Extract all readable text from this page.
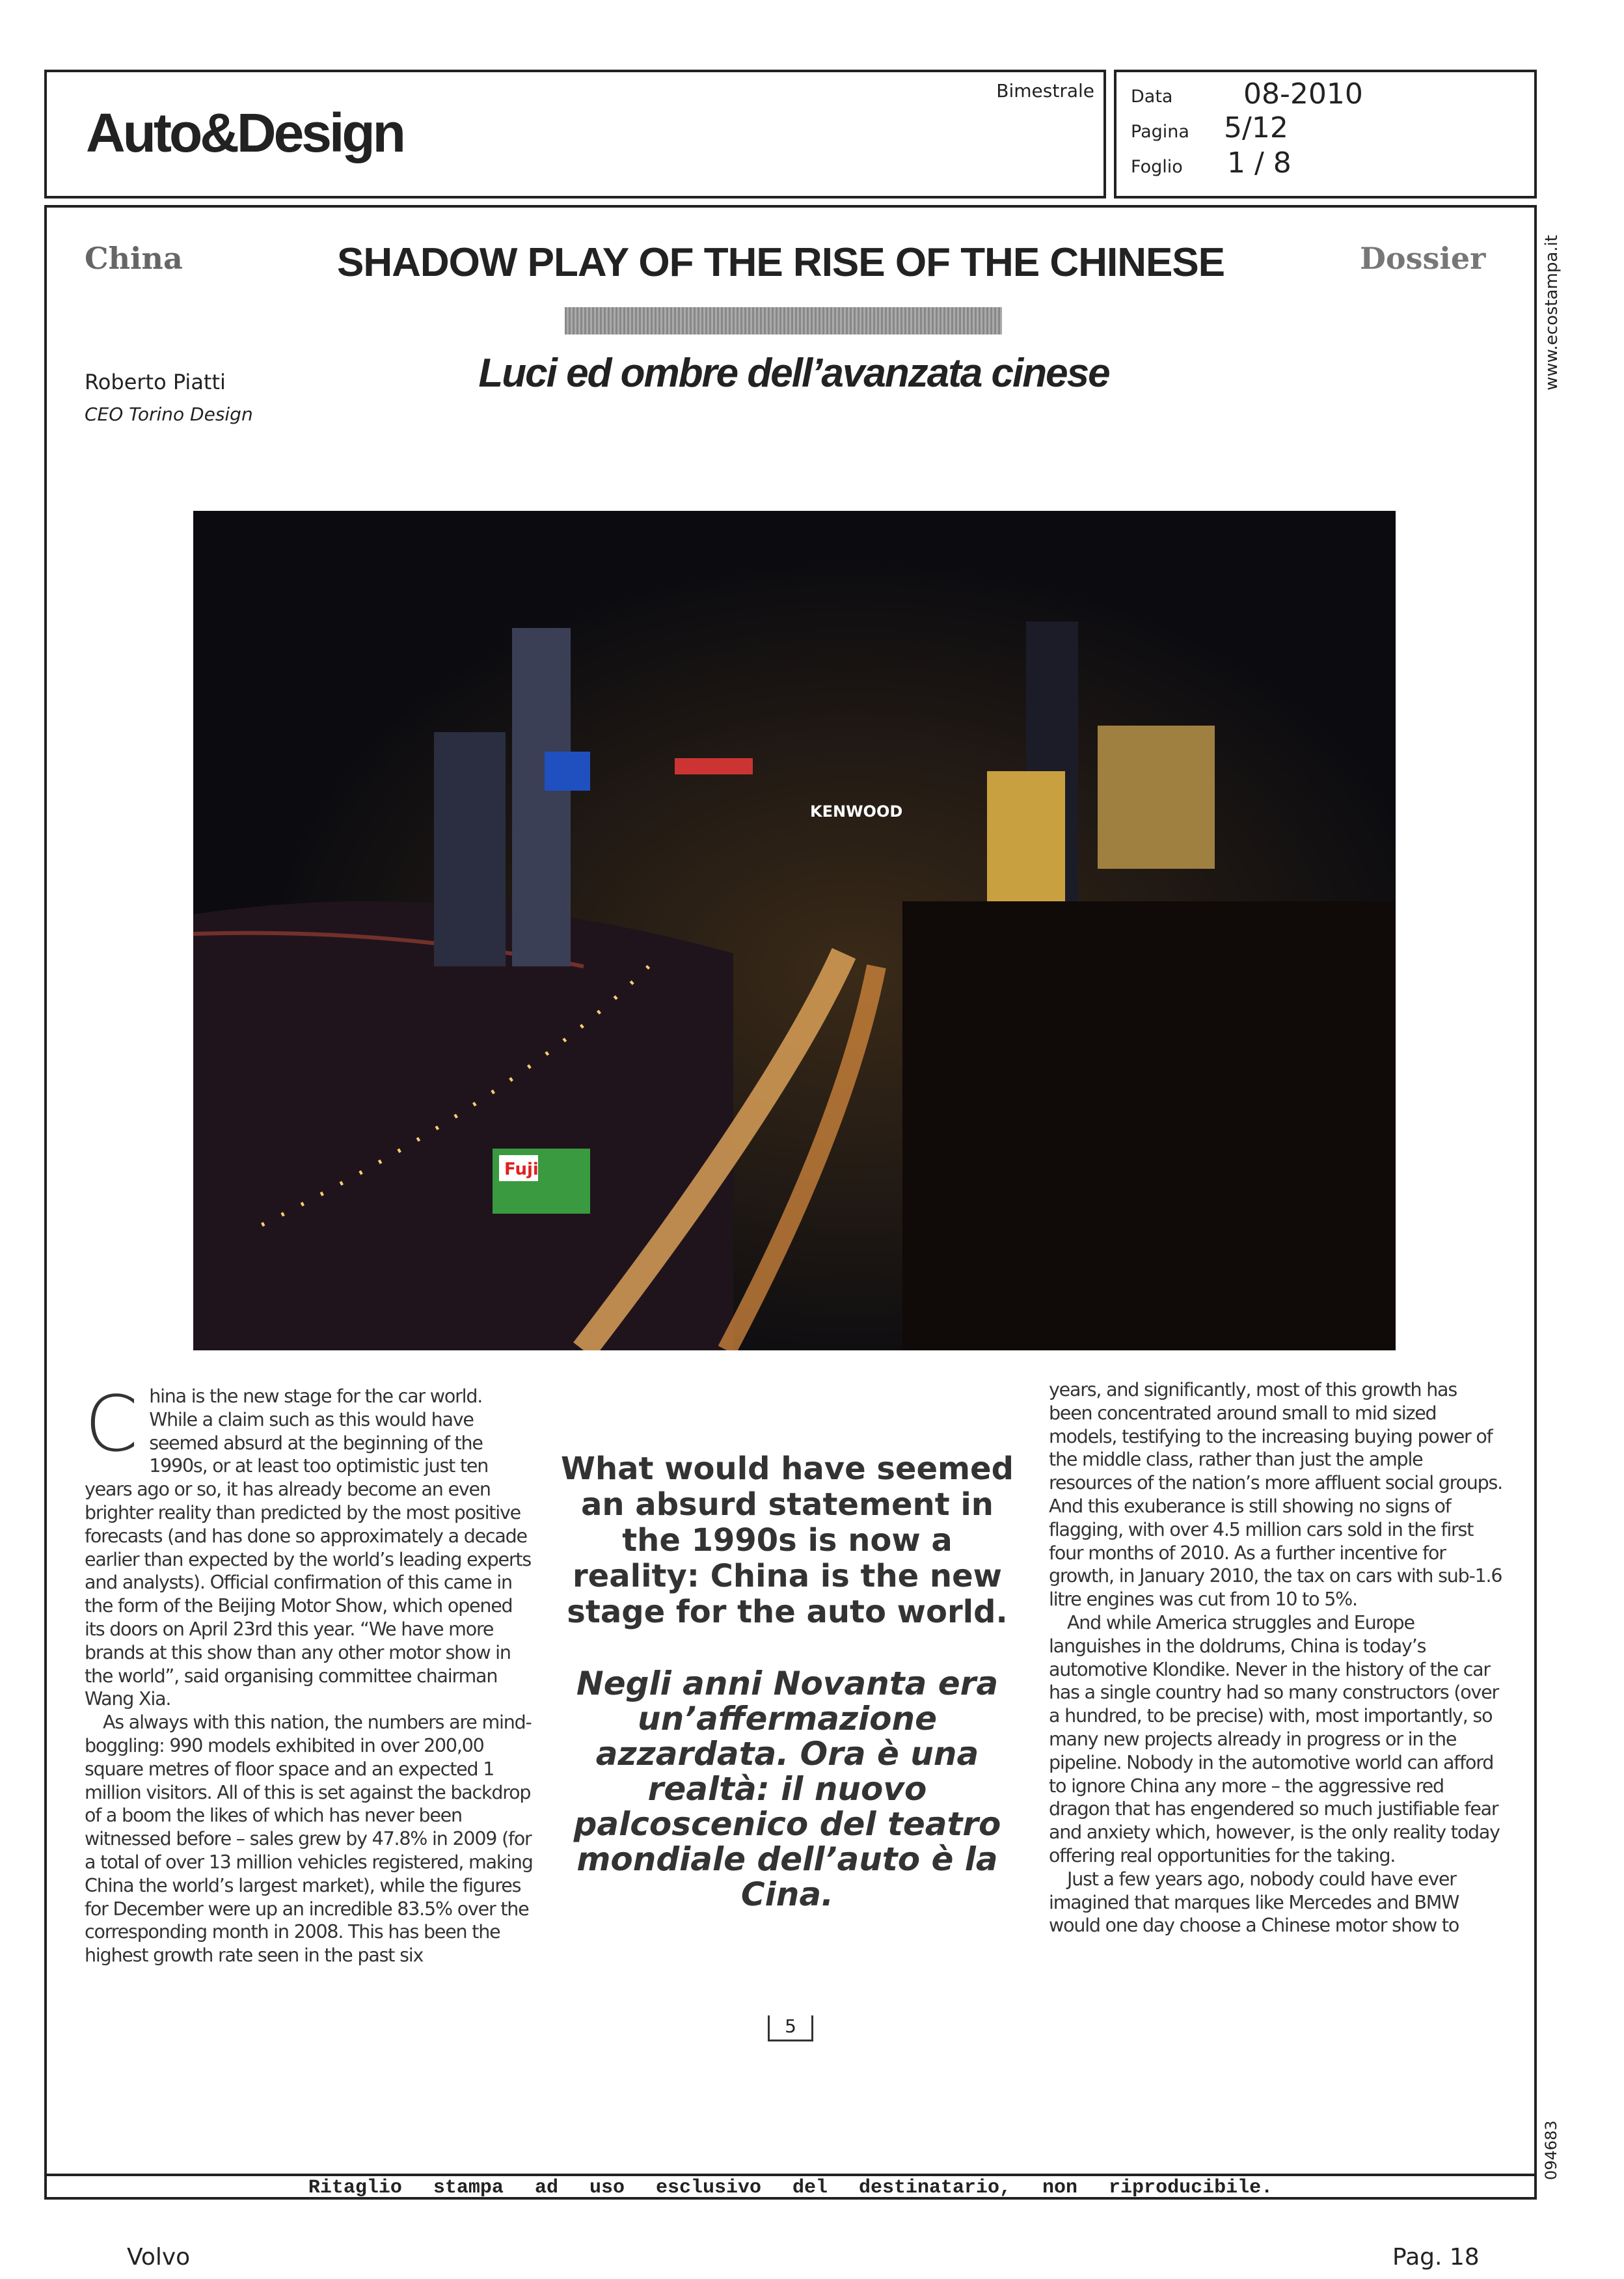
Auto&Design
Bimestrale Data 08-2010
Pagina 5/12
Foglio 1 / 8
China	SHADOW PLAY OF THE RISE OF THE CHINESE	Dossier
Luci ed ombre dell’avanzata cinese
Roberto Piatti
CEO Torino Design
Fuji
KENWOOD
C hina is the new stage for the car world. While a claim such as this would have seemed absurd at the beginning of the 1990s, or at least too optimistic just ten years ago or so, it has already become an even brighter reality than predicted by the most positive forecasts (and has done so approximately a decade earlier than expected by the world’s leading experts and analysts). Official confirmation of this came in the form of the Beijing Motor Show, which opened its doors on April 23rd this year. “We have more brands at this show than any other motor show in the world”, said organising committee chairman Wang Xia.

As always with this nation, the numbers are mind-boggling: 990 models exhibited in over 200,00 square metres of floor space and an expected 1 million visitors. All of this is set against the backdrop of a boom the likes of which has never been witnessed before – sales grew by 47.8% in 2009 (for a total of over 13 million vehicles registered, making China the world’s largest market), while the figures for December were up an incredible 83.5% over the corresponding month in 2008. This has been the highest growth rate seen in the past six

What would have seemed an absurd statement in the 1990s is now a reality: China is the new stage for the auto world.
Negli anni Novanta era un’affermazione azzardata. Ora è una realtà: il nuovo palcoscenico del teatro mondiale dell’auto è la Cina.
years, and significantly, most of this growth has been concentrated around small to mid sized models, testifying to the increasing buying power of the middle class, rather than just the ample resources of the nation’s more affluent social groups. And this exuberance is still showing no signs of flagging, with over 4.5 million cars sold in the first four months of 2010. As a further incentive for growth, in January 2010, the tax on cars with sub-1.6 litre engines was cut from 10 to 5%.

And while America struggles and Europe languishes in the doldrums, China is today’s automotive Klondike. Never in the history of the car has a single country had so many constructors (over a hundred, to be precise) with, most importantly, so many new projects already in progress or in the pipeline. Nobody in the automotive world can afford to ignore China any more – the aggressive red dragon that has engendered so much justifiable fear and anxiety which, however, is the only reality today offering real opportunities for the taking.

Just a few years ago, nobody could have ever imagined that marques like Mercedes and BMW would one day choose a Chinese motor show to

5
Ritaglio stampa ad uso esclusivo del destinatario, non riproducibile.
www.ecostampa.it
094683
Volvo	Pag. 18
